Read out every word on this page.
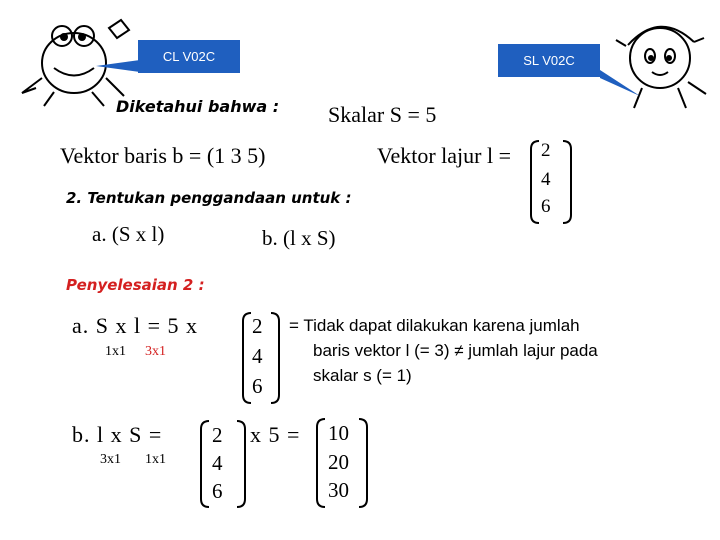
CL V02C	SL V02C
Diketahui bahwa : Skalar S = 5
Vektor baris b = (1 3 5)	Vektor lajur l = 2
4
6
2. Tentukan penggandaan untuk :
a. (S x l)	b. (l x S)
Penyelesaian 2 :
a. S x l = 5 x
1x1 3x1
2
4
6
= Tidak dapat dilakukan karena jumlah
baris vektor l (= 3) ≠ jumlah lajur pada
skalar s (= 1)
b. l x S =
3x1 1x1
2
4
6
x 5 = 10
20
30
